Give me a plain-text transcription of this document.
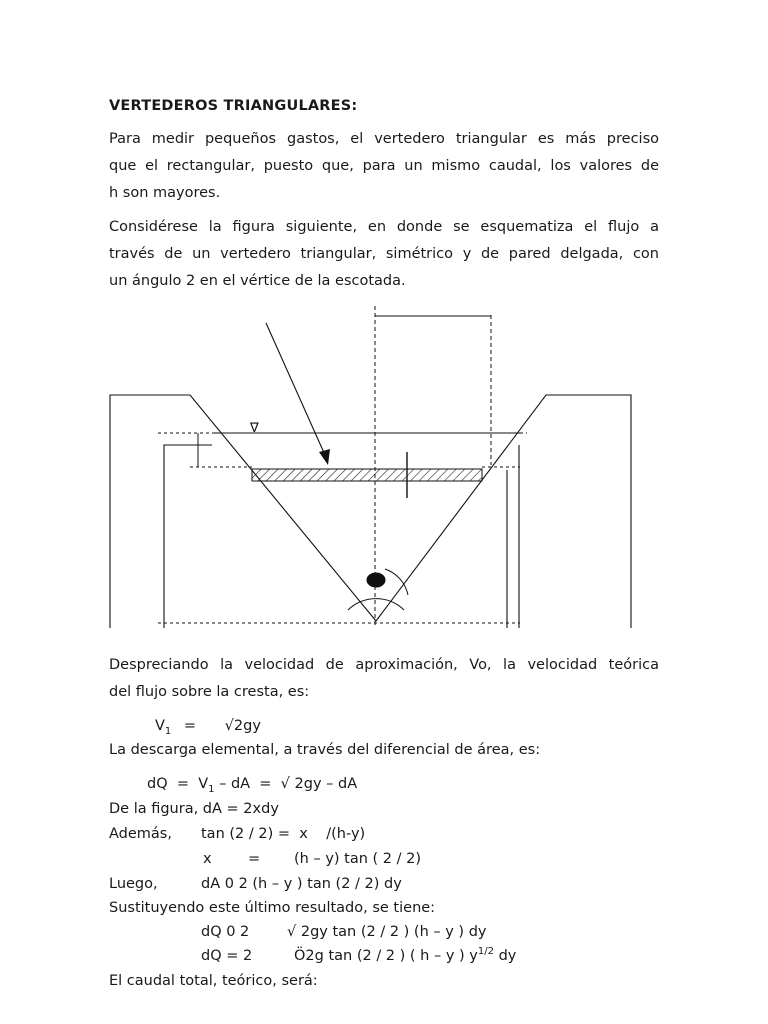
VERTEDEROS TRIANGULARES:
Para medir pequeños gastos, el vertedero triangular es más preciso
que el rectangular, puesto que, para un mismo caudal, los valores de
h son mayores.
Considérese la figura siguiente, en donde se esquematiza el flujo a
través de un vertedero triangular, simétrico y de pared delgada, con
un ángulo 2 en el vértice de la escotada.
∇
Despreciando la velocidad de aproximación, Vo, la velocidad teórica
del flujo sobre la cresta, es:
$V_1 = √2gy$
La descarga elemental, a través del diferencial de área, es:
dQ  =  $V_1$ – dA  =  √ 2gy – dA
De la figura, dA = 2xdy
Además, tan (2 / 2) =  x    /(h-y)
x	= (h – y) tan ( 2 / 2)
Luego,	dA 0 2 (h – y ) tan (2 / 2) dy
Sustituyendo este último resultado, se tiene:
dQ 0 2	√ 2gy tan (2 / 2 ) (h – y ) dy
dQ = 2	Ö2g tan (2 / 2 ) ( h – y ) $y^{1/2}$ dy
El caudal total, teórico, será:
